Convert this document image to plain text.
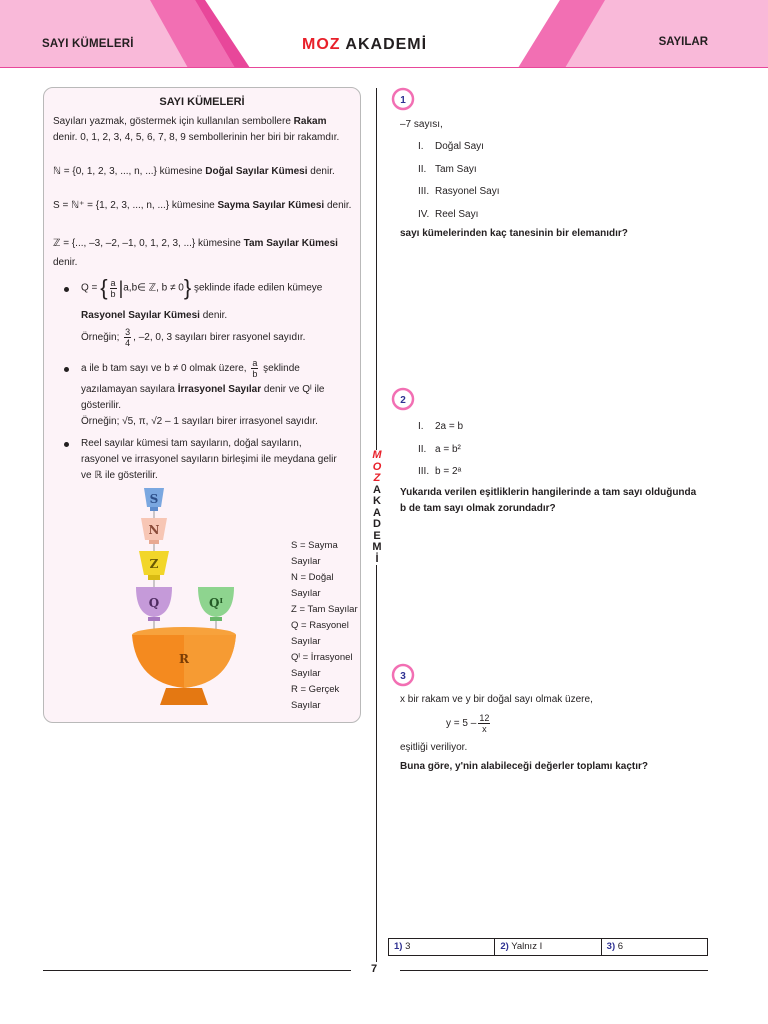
SAYI KÜMELERİ	MOZ AKADEMİ	SAYILAR
SAYI KÜMELERİ
Sayıları yazmak, göstermek için kullanılan sembollere Rakam denir. 0, 1, 2, 3, 4, 5, 6, 7, 8, 9 sembollerinin her biri bir rakamdır.
ℕ = {0, 1, 2, 3, ..., n, ...} kümesine Doğal Sayılar Kümesi denir.
S = ℕ⁺ = {1, 2, 3, ..., n, ...} kümesine Sayma Sayılar Kümesi denir.
ℤ = {..., –3, –2, –1, 0, 1, 2, 3, ...} kümesine Tam Sayılar Kümesi denir.
Q = { $\frac{a}{b}$ |a,b∈ ℤ, b ≠ 0} şeklinde ifade edilen kümeye
Rasyonel Sayılar Kümesi denir.
Örneğin; $\frac{3}{4}$ , –2, 0, 3 sayıları birer rasyonel sayıdır.
a ile b tam sayı ve b ≠ 0 olmak üzere, $\frac{a}{b}$ şeklinde
yazılamayan sayılara İrrasyonel Sayılar denir ve Qᴵ ile gösterilir.
Örneğin; √5, π, √2 – 1 sayıları birer irrasyonel sayıdır.
Reel sayılar kümesi tam sayıların, doğal sayıların, rasyonel ve irrasyonel sayıların birleşimi ile meydana gelir ve ℝ ile gösterilir.
S
N
Z
Q	Qᴵ
R
S = Sayma Sayılar
N = Doğal Sayılar
Z = Tam Sayılar
Q = Rasyonel Sayılar
Qᴵ = İrrasyonel Sayılar
R = Gerçek Sayılar
M
O
Z
A
K
A
D
E
M
İ
1
–7 sayısı,
I. Doğal Sayı
II. Tam Sayı
III. Rasyonel Sayı
IV. Reel Sayı
sayı kümelerinden kaç tanesinin bir elemanıdır?
2
I. 2a = b
II. a = b²
III. b = 2ᵃ
Yukarıda verilen eşitliklerin hangilerinde a tam sayı olduğunda b de tam sayı olmak zorundadır?
3
x bir rakam ve y bir doğal sayı olmak üzere,
$y = 5 - \frac{12}{x}$
eşitliği veriliyor.
Buna göre, y'nin alabileceği değerler toplamı kaçtır?
1) 3	2) Yalnız I	3) 6
7
